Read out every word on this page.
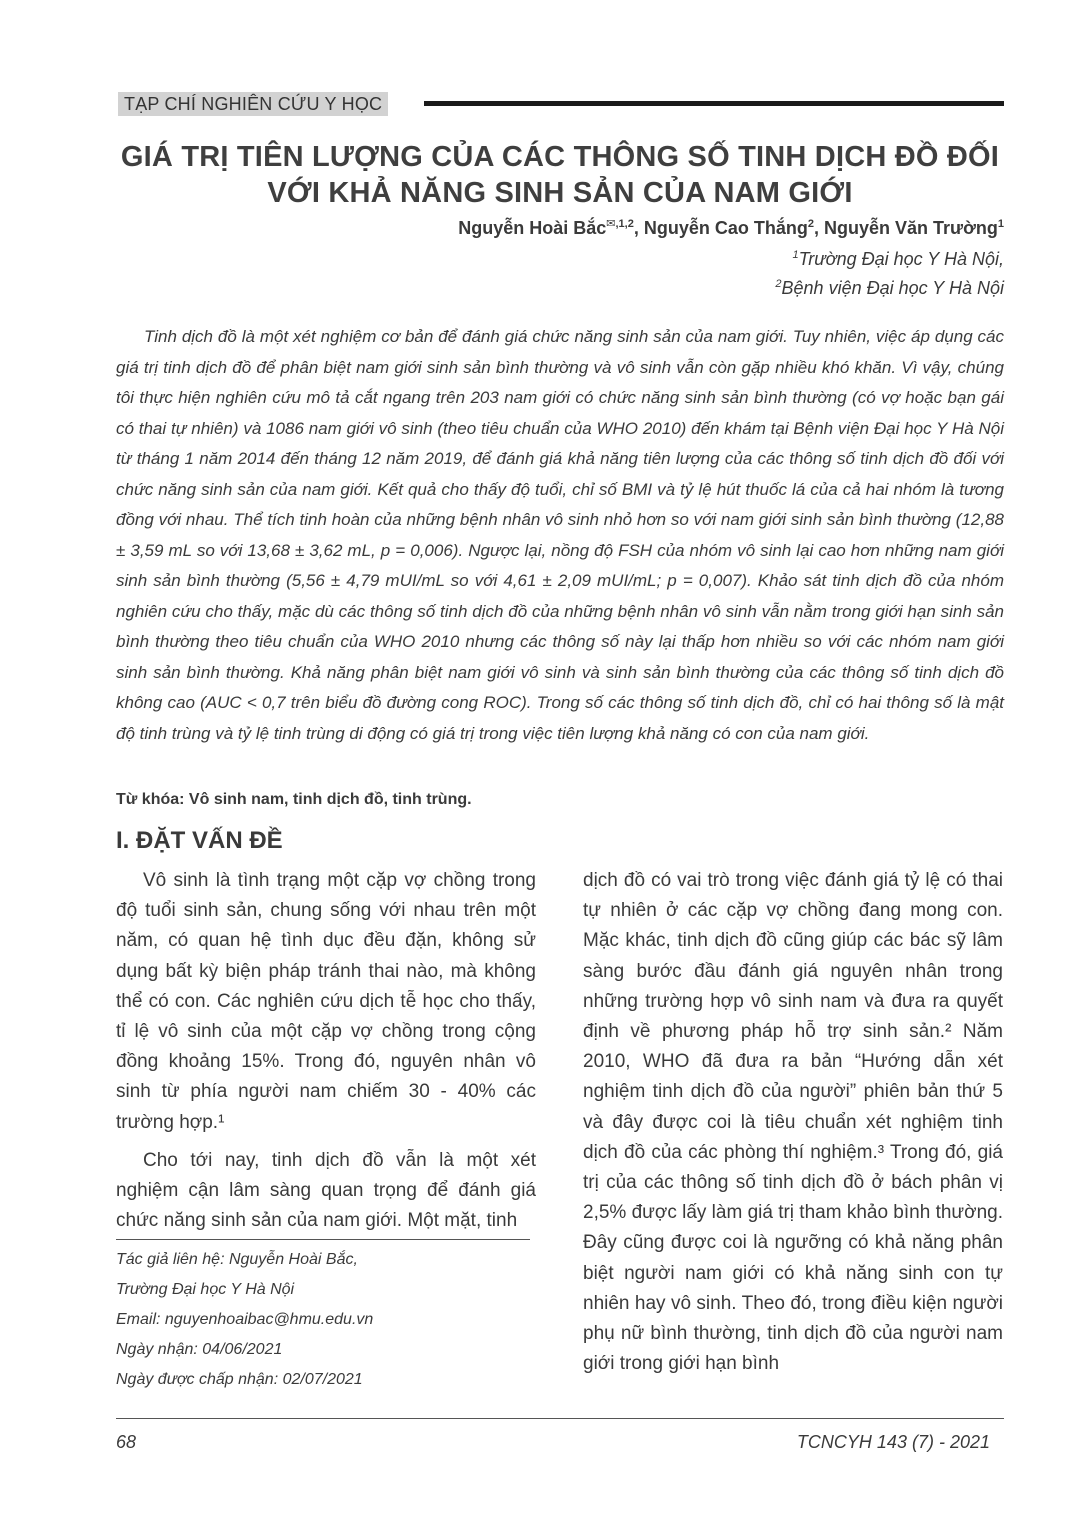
TẠP CHÍ NGHIÊN CỨU Y HỌC
GIÁ TRỊ TIÊN LƯỢNG CỦA CÁC THÔNG SỐ TINH DỊCH ĐỒ ĐỐI
VỚI KHẢ NĂNG SINH SẢN CỦA NAM GIỚI
Nguyễn Hoài Bắc$^{✉,1,2}$, Nguyễn Cao Thắng$^2$, Nguyễn Văn Trường$^1$
$^1$Trường Đại học Y Hà Nội,
$^2$Bệnh viện Đại học Y Hà Nội
Tinh dịch đồ là một xét nghiệm cơ bản để đánh giá chức năng sinh sản của nam giới. Tuy nhiên, việc áp dụng các giá trị tinh dịch đồ để phân biệt nam giới sinh sản bình thường và vô sinh vẫn còn gặp nhiều khó khăn. Vì vậy, chúng tôi thực hiện nghiên cứu mô tả cắt ngang trên 203 nam giới có chức năng sinh sản bình thường (có vợ hoặc bạn gái có thai tự nhiên) và 1086 nam giới vô sinh (theo tiêu chuẩn của WHO 2010) đến khám tại Bệnh viện Đại học Y Hà Nội từ tháng 1 năm 2014 đến tháng 12 năm 2019, để đánh giá khả năng tiên lượng của các thông số tinh dịch đồ đối với chức năng sinh sản của nam giới. Kết quả cho thấy độ tuổi, chỉ số BMI và tỷ lệ hút thuốc lá của cả hai nhóm là tương đồng với nhau. Thể tích tinh hoàn của những bệnh nhân vô sinh nhỏ hơn so với nam giới sinh sản bình thường (12,88 ± 3,59 mL so với 13,68 ± 3,62 mL, p = 0,006). Ngược lại, nồng độ FSH của nhóm vô sinh lại cao hơn những nam giới sinh sản bình thường (5,56 ± 4,79 mUI/mL so với 4,61 ± 2,09 mUI/mL; p = 0,007). Khảo sát tinh dịch đồ của nhóm nghiên cứu cho thấy, mặc dù các thông số tinh dịch đồ của những bệnh nhân vô sinh vẫn nằm trong giới hạn sinh sản bình thường theo tiêu chuẩn của WHO 2010 nhưng các thông số này lại thấp hơn nhiều so với các nhóm nam giới sinh sản bình thường. Khả năng phân biệt nam giới vô sinh và sinh sản bình thường của các thông số tinh dịch đồ không cao (AUC < 0,7 trên biểu đồ đường cong ROC). Trong số các thông số tinh dịch đồ, chỉ có hai thông số là mật độ tinh trùng và tỷ lệ tinh trùng di động có giá trị trong việc tiên lượng khả năng có con của nam giới.
Từ khóa: Vô sinh nam, tinh dịch đồ, tinh trùng.
I. ĐẶT VẤN ĐỀ

Vô sinh là tình trạng một cặp vợ chồng trong độ tuổi sinh sản, chung sống với nhau trên một năm, có quan hệ tình dục đều đặn, không sử dụng bất kỳ biện pháp tránh thai nào, mà không thể có con. Các nghiên cứu dịch tễ học cho thấy, tỉ lệ vô sinh của một cặp vợ chồng trong cộng đồng khoảng 15%. Trong đó, nguyên nhân vô sinh từ phía người nam chiếm 30 - 40% các trường hợp.¹

Cho tới nay, tinh dịch đồ vẫn là một xét nghiệm cận lâm sàng quan trọng để đánh giá chức năng sinh sản của nam giới. Một mặt, tinh

dịch đồ có vai trò trong việc đánh giá tỷ lệ có thai tự nhiên ở các cặp vợ chồng đang mong con. Mặc khác, tinh dịch đồ cũng giúp các bác sỹ lâm sàng bước đầu đánh giá nguyên nhân trong những trường hợp vô sinh nam và đưa ra quyết định về phương pháp hỗ trợ sinh sản.² Năm 2010, WHO đã đưa ra bản “Hướng dẫn xét nghiệm tinh dịch đồ của người” phiên bản thứ 5 và đây được coi là tiêu chuẩn xét nghiệm tinh dịch đồ của các phòng thí nghiệm.³ Trong đó, giá trị của các thông số tinh dịch đồ ở bách phân vị 2,5% được lấy làm giá trị tham khảo bình thường. Đây cũng được coi là ngưỡng có khả năng phân biệt người nam giới có khả năng sinh con tự nhiên hay vô sinh. Theo đó, trong điều kiện người phụ nữ bình thường, tinh dịch đồ của người nam giới trong giới hạn bình

Tác giả liên hệ: Nguyễn Hoài Bắc,
Trường Đại học Y Hà Nội
Email: nguyenhoaibac@hmu.edu.vn
Ngày nhận: 04/06/2021
Ngày được chấp nhận: 02/07/2021
68	TCNCYH 143 (7) - 2021
